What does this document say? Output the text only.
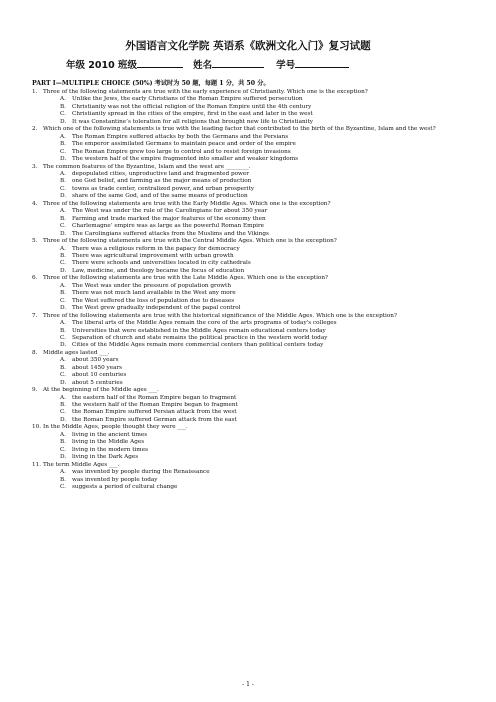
外国语言文化学院 英语系《欧洲文化入门》复习试题
年级 2010 班级	姓名	学号
PART I—MULTIPLE CHOICE (50%) 考试时为 50 题，每题 1 分，共 50 分。
1. Three of the following statements are true with the early experience of Christianity. Which one is the exception?
A.	Unlike the Jews, the early Christians of the Roman Empire suffered persecution
B.	Christianity was not the official religion of the Roman Empire until the 4th century
C.	Christianity spread in the cities of the empire, first in the east and later in the west
D.	It was Constantine’s toleration for all religions that brought new life to Christianity
2. Which one of the following statements is true with the leading factor that contributed to the birth of the Byzantine, Islam and the west?
A.	The Roman Empire suffered attacks by both the Germans and the Persians
B.	The emperor assimilated Germans to maintain peace and order of the empire
C.	The Roman Empire grew too large to control and to resist foreign invasions
D.	The western half of the empire fragmented into smaller and weaker kingdoms
3. The common features of the Byzantine, Islam and the west are ________.
A.	depopulated cities, unproductive land and fragmented power
B.	one God belief, and farming as the major means of production
C.	towns as trade center, centralized power, and urban prosperity
D.	share of the same God, and of the same means of production
4. Three of the following statements are true with the Early Middle Ages. Which one is the exception?
A.	The West was under the rule of the Carolingians for about 350 year
B.	Farming and trade marked the major features of the economy then
C.	Charlemagne’ empire was as large as the powerful Roman Empire
D.	The Carolingians suffered attacks from the Muslims and the Vikings
5. Three of the following statements are true with the Central Middle Ages. Which one is the exception?
A.	There was a religious reform in the papacy for democracy
B.	There was agricultural improvement with urban growth
C.	There were schools and universities located in city cathedrals
D.	Law, medicine, and theology became the focus of education
6. Three of the following statements are true with the Late Middle Ages. Which one is the exception?
A.	The West was under the pressure of population growth
B.	There was not much land available in the West any more
C.	The West suffered the loss of population due to diseases
D.	The West grew gradually independent of the papal control
7. Three of the following statements are true with the historical significance of the Middle Ages. Which one is the exception?
A.	The liberal arts of the Middle Ages remain the core of the arts programs of today's colleges
B.	Universities that were established in the Middle Ages remain educational centers today
C.	Separation of church and state remains the political practice in the western world today
D.	Cities of the Middle Ages remain more commercial centers than political centers today
8. Middle ages lasted ___.
A.	about 350 years
B.	about 1450 years
C.	about 10 centuries
D.	about 5 centuries
9. At the beginning of the Middle ages ___.
A.	the eastern half of the Roman Empire began to fragment
B.	the western half of the Roman Empire began to fragment
C.	the Roman Empire suffered Persian attack from the west
D.	the Roman Empire suffered German attack from the east
10. In the Middle Ages, people thought they were ___.
A.	living in the ancient times
B.	living in the Middle Ages
C.	living in the modern times
D.	living in the Dark Ages
11. The term Middle Ages ___.
A.	was invented by people during the Renaissance
B.	was invented by people today
C.	suggests a period of cultural change
- 1 -
